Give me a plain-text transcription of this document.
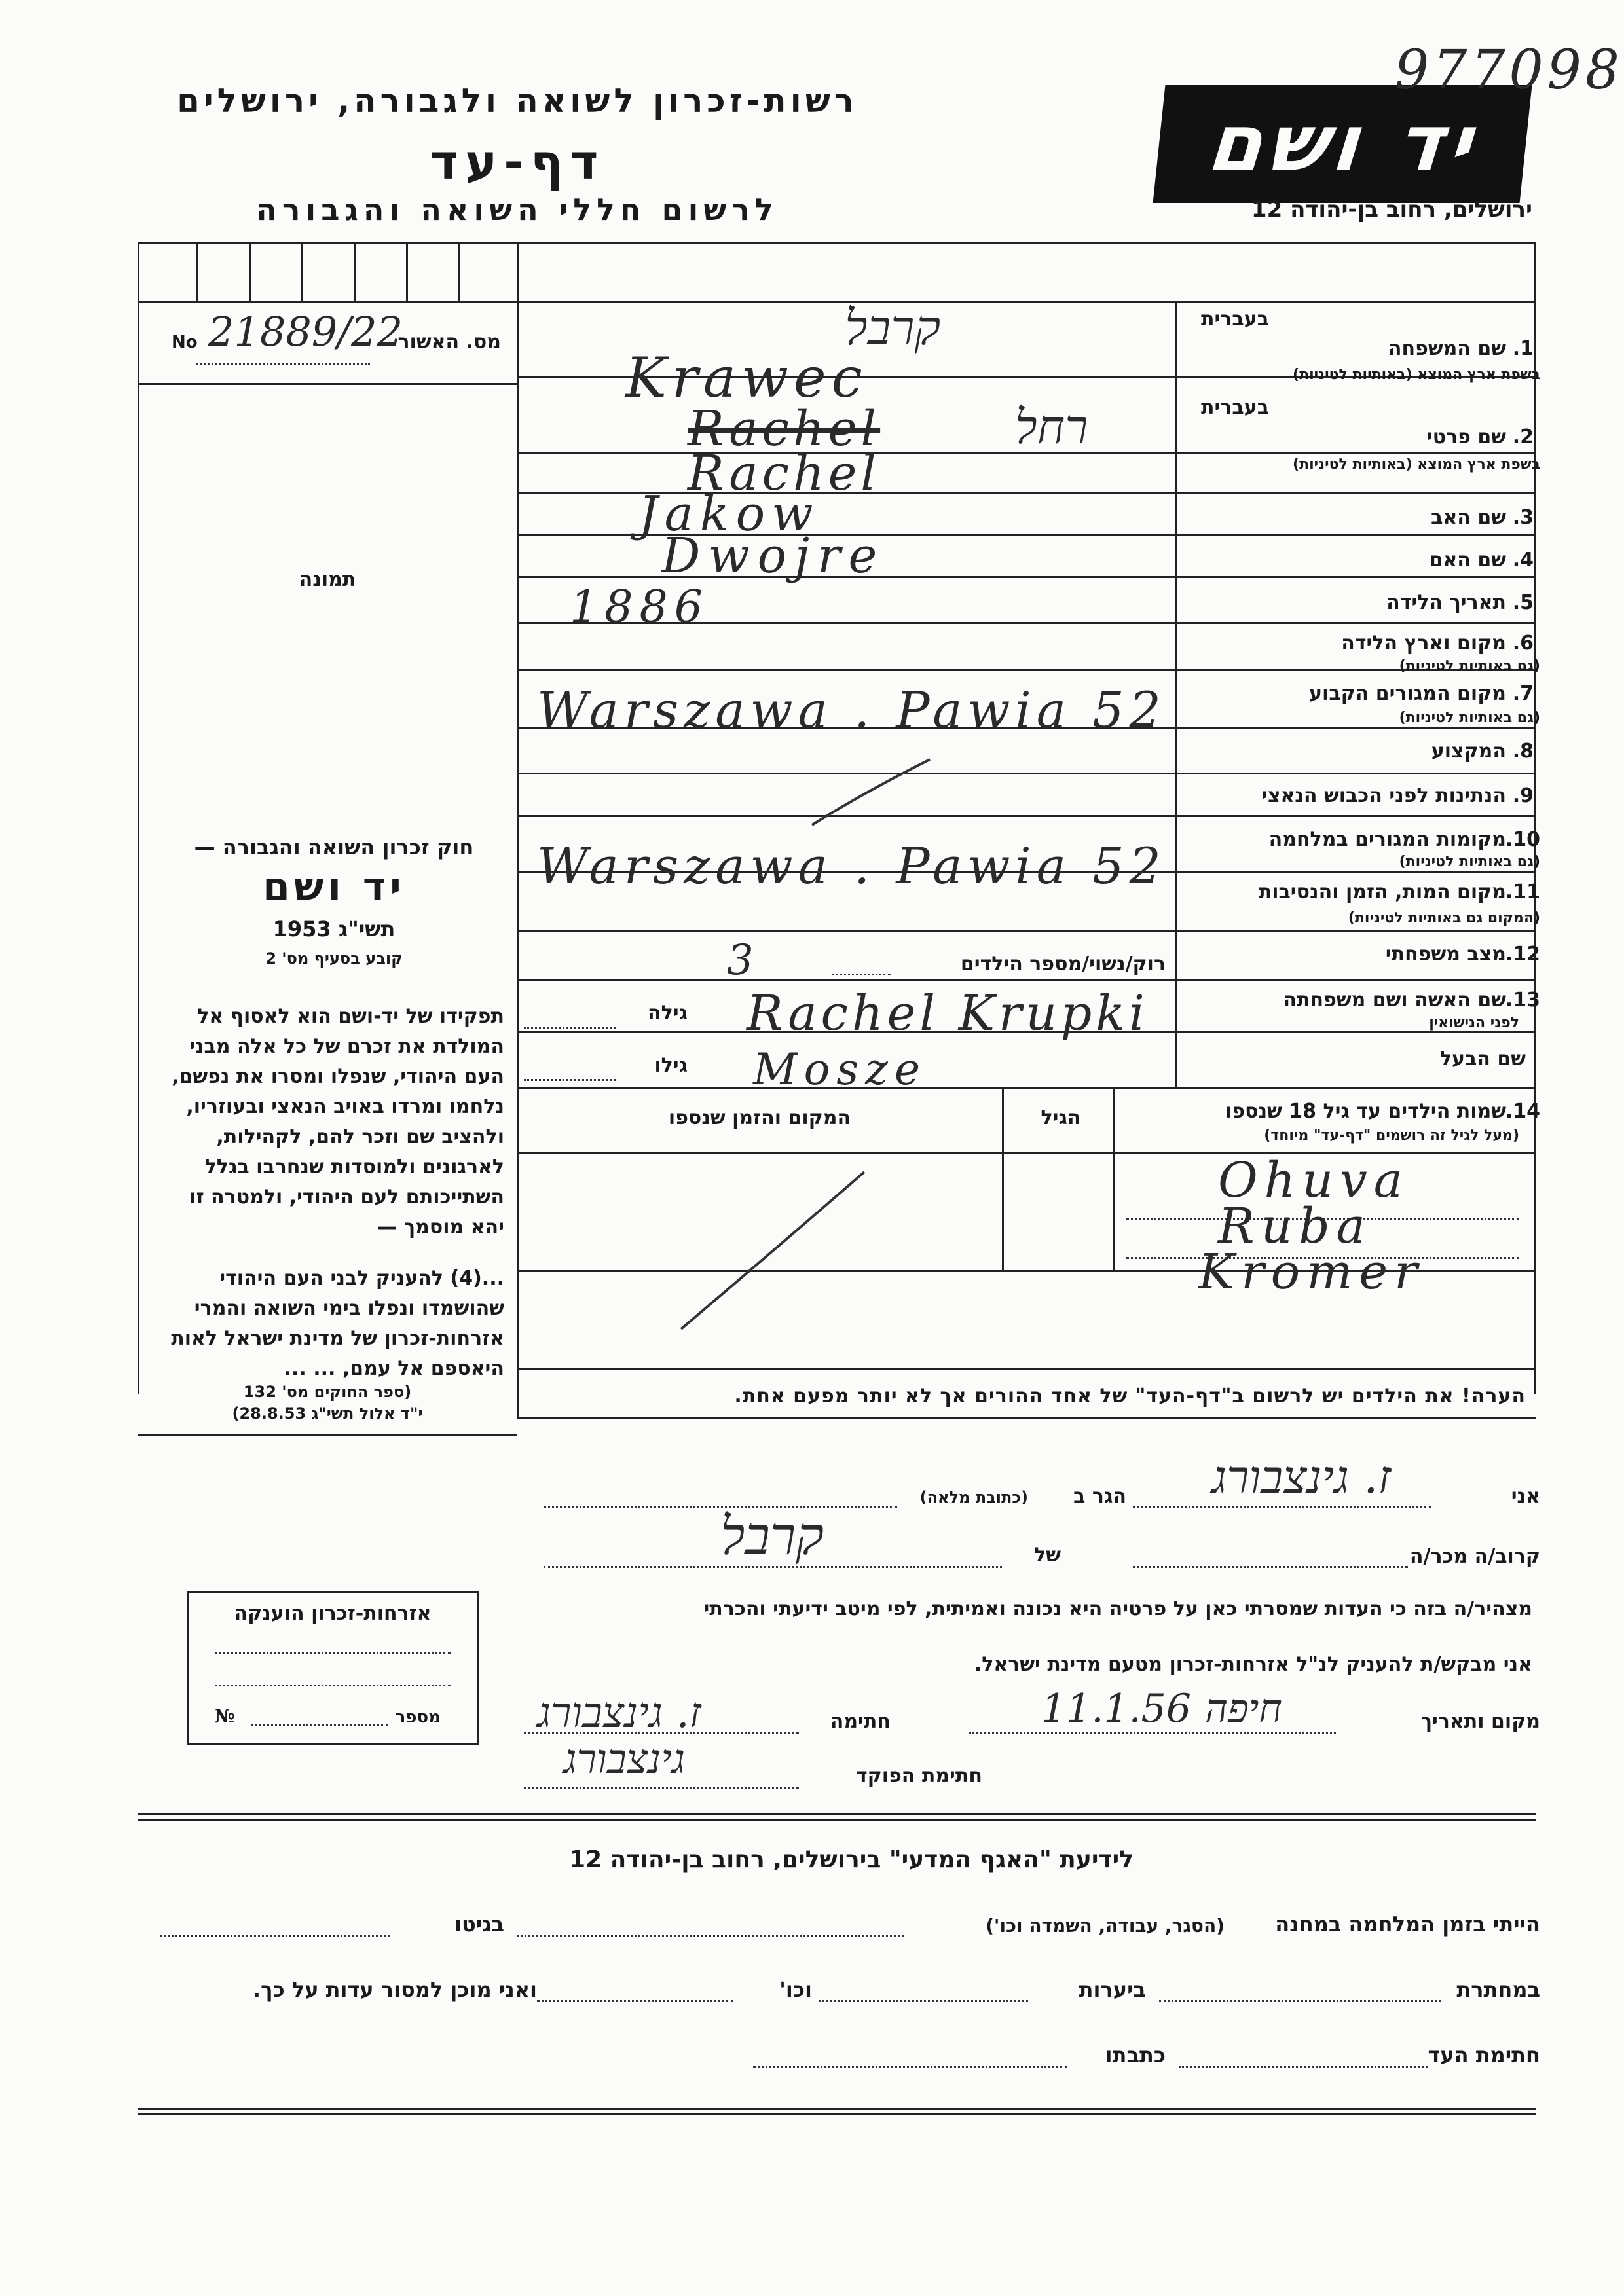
רשות-זכרון לשואה ולגבורה, ירושלים
דף-עד
לרשום חללי השואה והגבורה
יד ושם
977098
ירושלים, רחוב בן-יהודה 12
No 21889/22
מס. האשור
תמונה
בעברית
1.
שם המשפחה
בשפת ארץ המוצא (באותיות לטיניות)
קרבל
Krawec	בעברית
2.
שם פרטי
בשפת ארץ המוצא (באותיות לטיניות)
רחל
Rachel
Rachel
3.
שם האב
Jakow
4.
שם האם
Dwojre
5.
תאריך הלידה
1886
6.
מקום וארץ הלידה
(גם באותיות לטיניות)
7.
מקום המגורים הקבוע
(גם באותיות לטיניות)
Warszawa . Pawia 52
8.
המקצוע
9.
הנתינות לפני הכבוש הנאצי
10.
מקומות המגורים במלחמה
(גם באותיות לטיניות)
Warszawa . Pawia 52	11.
מקום המות, הזמן והנסיבות
(המקום גם באותיות לטיניות)
12.
מצב משפחתי
רוק/נשוי/מספר הילדים
3
13.
שם האשה ושם משפחתה
לפני הנישואין
גילה Rachel Krupki
שם הבעל
גילו Mosze
14.
שמות הילדים עד גיל 18 שנספו
(מעל לגיל זה רושמים "דף-עד" מיוחד)
הגיל
המקום והזמן שנספו
Ohuva
Ruba
Kromer
הערה! את הילדים יש לרשום ב"דף-העד" של אחד ההורים אך לא יותר מפעם אחת.
חוק זכרון השואה והגבורה —
יד ושם
תשי"ג 1953
קובע בסעיף מס' 2
תפקידו של יד-ושם הוא לאסוף אל המולדת את זכרם של כל אלה מבני העם היהודי, שנפלו ומסרו את נפשם, נלחמו ומרדו באויב הנאצי ובעוזריו, ולהציב שם וזכר להם, לקהילות, לארגונים ולמוסדות שנחרבו בגלל השתייכותם לעם היהודי, ולמטרה זו יהא מוסמך —
...(4) להעניק לבני העם היהודי שהושמדו ונפלו בימי השואה והמרי אזרחות-זכרון של מדינת ישראל לאות היאספם אל עמם, ... ...
(ספר החוקים מס' 132
י"ד אלול תשי"ג 28.8.53)
אזרחות-זכרון הוענקה
מספר
№
אני
ז. גינצבורג
הגר ב
(כתובת מלאה)
קרוב/ה מכר/ה
של
קרבל
מצהיר/ה בזה כי העדות שמסרתי כאן על פרטיה היא נכונה ואמיתית, לפי מיטב ידיעתי והכרתי
אני מבקש/ת להעניק לנ"ל אזרחות-זכרון מטעם מדינת ישראל.
מקום ותאריך
חיפה
11.1.56
חתימה
ז. גינצבורג
חתימת הפוקד
גינצבורג
לידיעת "האגף המדעי" בירושלים, רחוב בן-יהודה 12
הייתי בזמן המלחמה במחנה
(הסגר, עבודה, השמדה וכו')
בגיטו
במחתרת
ביערות
וכו'
ואני מוכן למסור עדות על כך.
חתימת העד
כתבתו
